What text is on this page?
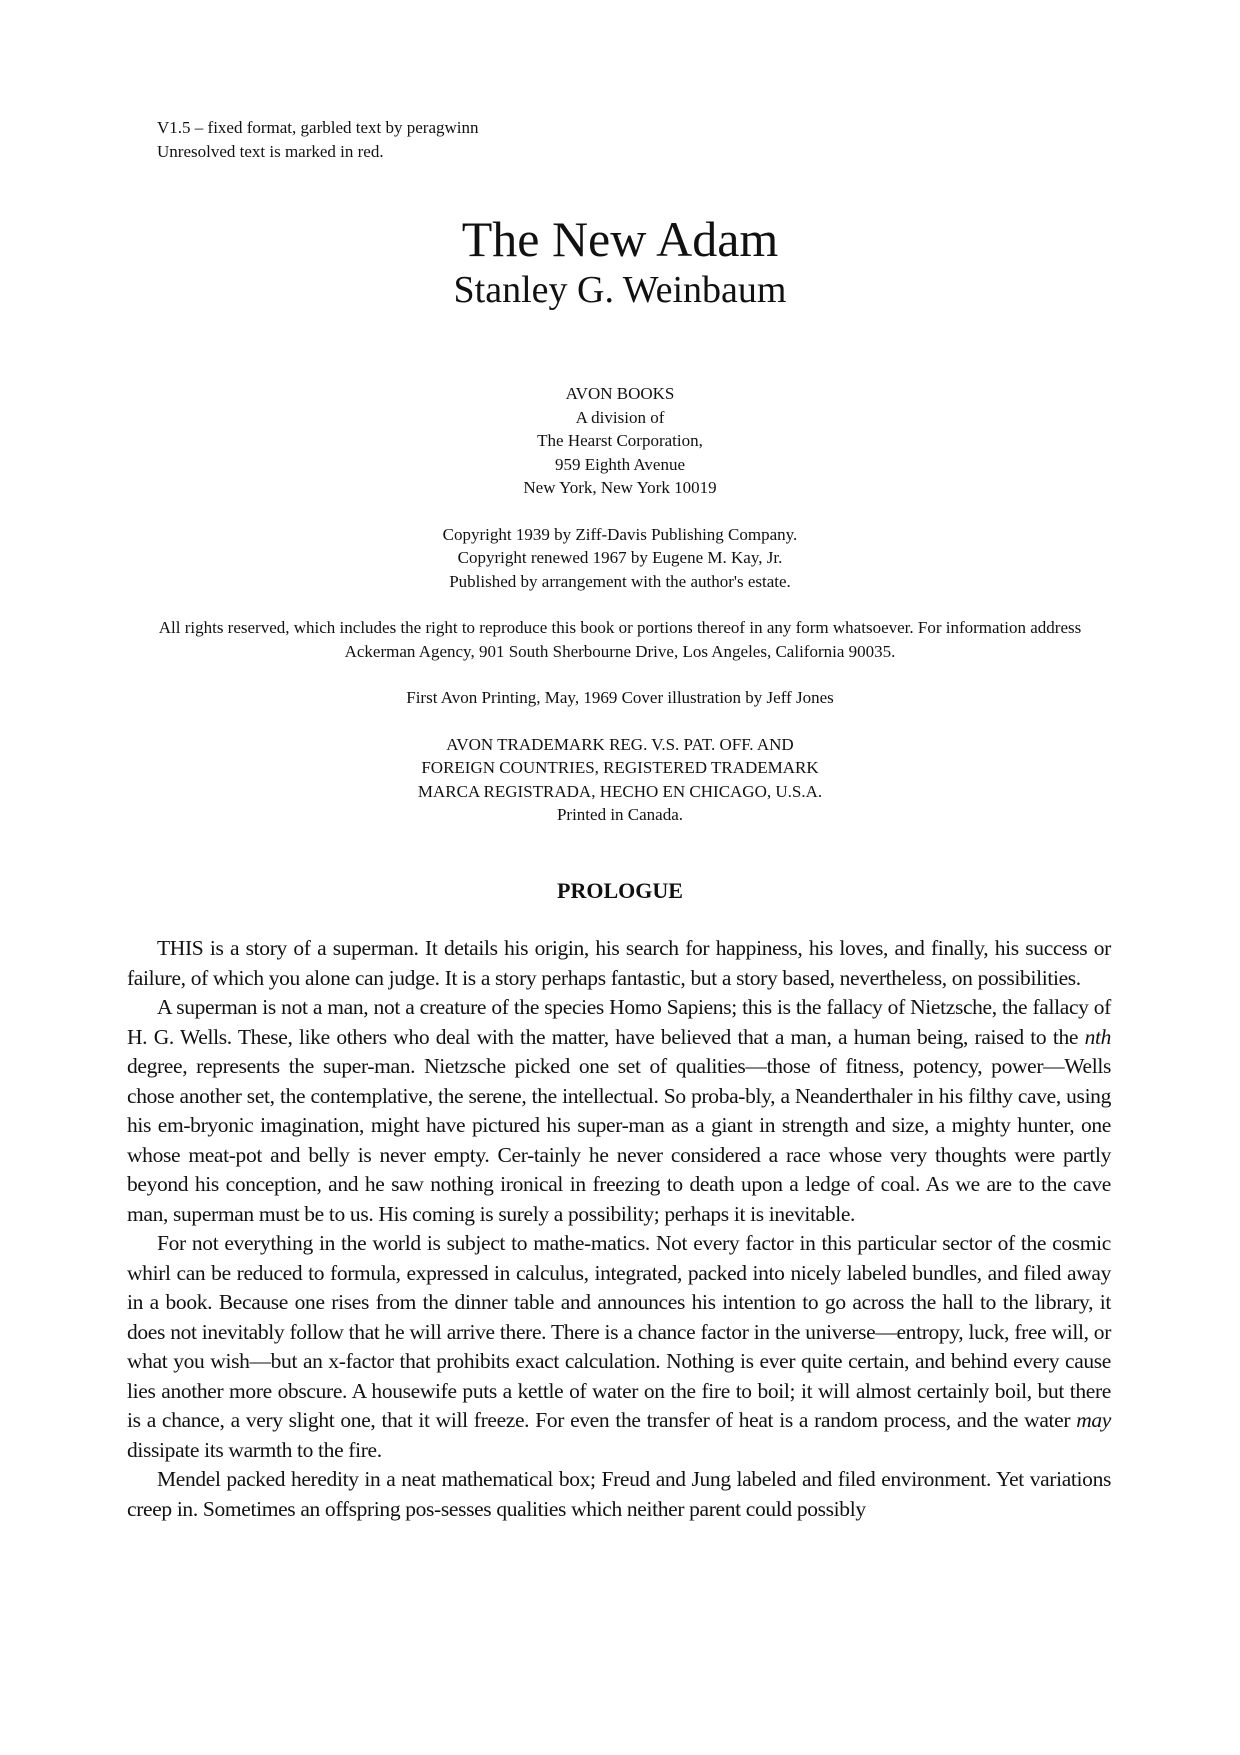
V1.5 – fixed format, garbled text by peragwinn
Unresolved text is marked in red.
The New Adam
Stanley G. Weinbaum
AVON BOOKS
A division of
The Hearst Corporation,
959 Eighth Avenue
New York, New York 10019
Copyright 1939 by Ziff-Davis Publishing Company.
Copyright renewed 1967 by Eugene M. Kay, Jr.
Published by arrangement with the author's estate.
All rights reserved, which includes the right to reproduce this book or portions thereof in any form whatsoever. For information address Ackerman Agency, 901 South Sherbourne Drive, Los Angeles, California 90035.
First Avon Printing, May, 1969 Cover illustration by Jeff Jones
AVON TRADEMARK REG. V.S. PAT. OFF. AND
FOREIGN COUNTRIES, REGISTERED TRADEMARK
MARCA REGISTRADA, HECHO EN CHICAGO, U.S.A.
Printed in Canada.
PROLOGUE

THIS is a story of a superman. It details his origin, his search for happiness, his loves, and finally, his success or failure, of which you alone can judge. It is a story perhaps fantastic, but a story based, nevertheless, on possibilities.

A superman is not a man, not a creature of the species Homo Sapiens; this is the fallacy of Nietzsche, the fallacy of H. G. Wells. These, like others who deal with the matter, have believed that a man, a human being, raised to the nth degree, represents the super-man. Nietzsche picked one set of qualities—those of fitness, potency, power—Wells chose another set, the contemplative, the serene, the intellectual. So proba-bly, a Neanderthaler in his filthy cave, using his em-bryonic imagination, might have pictured his super-man as a giant in strength and size, a mighty hunter, one whose meat-pot and belly is never empty. Cer-tainly he never considered a race whose very thoughts were partly beyond his conception, and he saw nothing ironical in freezing to death upon a ledge of coal. As we are to the cave man, superman must be to us. His coming is surely a possibility; perhaps it is inevitable.

For not everything in the world is subject to mathe-matics. Not every factor in this particular sector of the cosmic whirl can be reduced to formula, expressed in calculus, integrated, packed into nicely labeled bundles, and filed away in a book. Because one rises from the dinner table and announces his intention to go across the hall to the library, it does not inevitably follow that he will arrive there. There is a chance factor in the universe—entropy, luck, free will, or what you wish—but an x-factor that prohibits exact calculation. Nothing is ever quite certain, and behind every cause lies another more obscure. A housewife puts a kettle of water on the fire to boil; it will almost certainly boil, but there is a chance, a very slight one, that it will freeze. For even the transfer of heat is a random process, and the water may dissipate its warmth to the fire.

Mendel packed heredity in a neat mathematical box; Freud and Jung labeled and filed environment. Yet variations creep in. Sometimes an offspring pos-sesses qualities which neither parent could possibly
